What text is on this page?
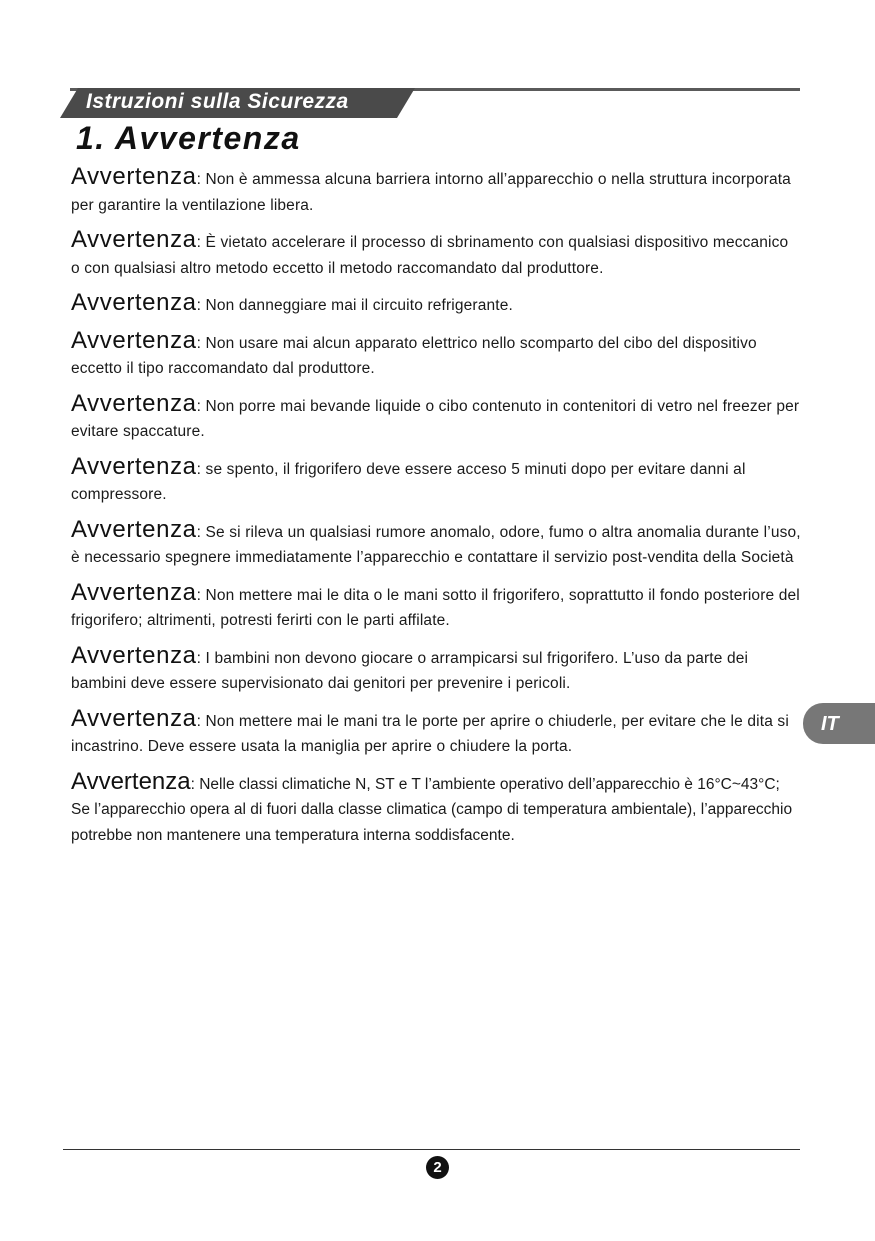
Istruzioni sulla Sicurezza
1. Avvertenza

Avvertenza: Non è ammessa alcuna barriera intorno all’apparecchio o nella struttura incorporata per garantire la ventilazione libera.

Avvertenza: È vietato accelerare il processo di sbrinamento con qualsiasi dispositivo meccanico o con qualsiasi altro metodo eccetto il metodo raccomandato dal produttore.

Avvertenza: Non danneggiare mai il circuito refrigerante.

Avvertenza: Non usare mai alcun apparato elettrico nello scomparto del cibo del dispositivo eccetto il tipo raccomandato dal produttore.

Avvertenza: Non porre mai bevande liquide o cibo contenuto in contenitori di vetro nel freezer per evitare spaccature.

Avvertenza: se spento, il frigorifero deve essere acceso 5 minuti dopo per evitare danni al compressore.

Avvertenza: Se si rileva un qualsiasi rumore anomalo, odore, fumo o altra anomalia durante l’uso, è necessario spegnere immediatamente l’apparecchio e contattare il servizio post-vendita della Società

Avvertenza: Non mettere mai le dita o le mani sotto il frigorifero, soprattutto il fondo posteriore del frigorifero; altrimenti, potresti ferirti con le parti affilate.

Avvertenza: I bambini non devono giocare o arrampicarsi sul frigorifero. L’uso da parte dei bambini deve essere supervisionato dai genitori per prevenire i pericoli.

Avvertenza: Non mettere mai le mani tra le porte per aprire o chiuderle, per evitare che le dita si incastrino. Deve essere usata la maniglia per aprire o chiudere la porta.

Avvertenza: Nelle classi climatiche N, ST e T l’ambiente operativo dell’apparecchio è 16°C~43°C; Se l’apparecchio opera al di fuori dalla classe climatica (campo di temperatura ambientale), l’apparecchio potrebbe non mantenere una temperatura interna soddisfacente.

IT
2
